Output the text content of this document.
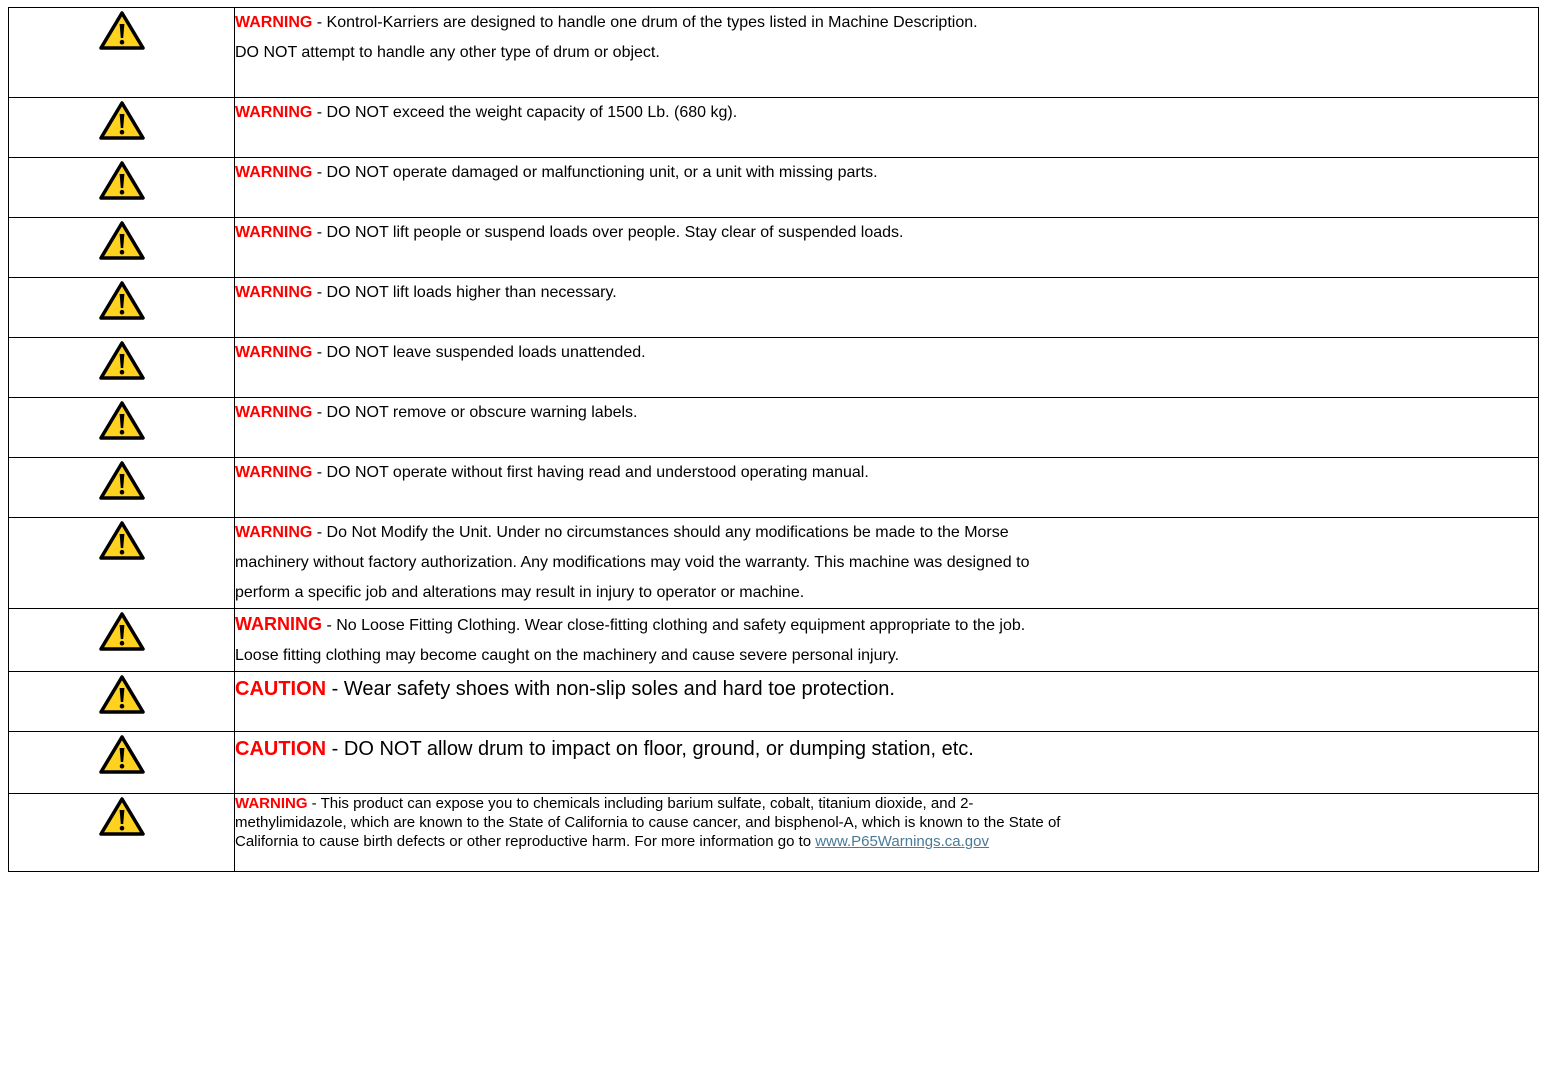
WARNING - Kontrol-Karriers are designed to handle one drum of the types listed in Machine Description.
DO NOT attempt to handle any other type of drum or object.

WARNING - DO NOT exceed the weight capacity of 1500 Lb. (680 kg).

WARNING - DO NOT operate damaged or malfunctioning unit, or a unit with missing parts.

WARNING - DO NOT lift people or suspend loads over people. Stay clear of suspended loads.

WARNING - DO NOT lift loads higher than necessary.

WARNING - DO NOT leave suspended loads unattended.

WARNING - DO NOT remove or obscure warning labels.

WARNING - DO NOT operate without first having read and understood operating manual.

WARNING - Do Not Modify the Unit. Under no circumstances should any modifications be made to the Morse
machinery without factory authorization. Any modifications may void the warranty. This machine was designed to
perform a specific job and alterations may result in injury to operator or machine.

WARNING - No Loose Fitting Clothing. Wear close-fitting clothing and safety equipment appropriate to the job.
Loose fitting clothing may become caught on the machinery and cause severe personal injury.

CAUTION - Wear safety shoes with non-slip soles and hard toe protection.

CAUTION - DO NOT allow drum to impact on floor, ground, or dumping station, etc.

WARNING - This product can expose you to chemicals including barium sulfate, cobalt, titanium dioxide, and 2-
methylimidazole, which are known to the State of California to cause cancer, and bisphenol-A, which is known to the State of
California to cause birth defects or other reproductive harm. For more information go to www.P65Warnings.ca.gov
